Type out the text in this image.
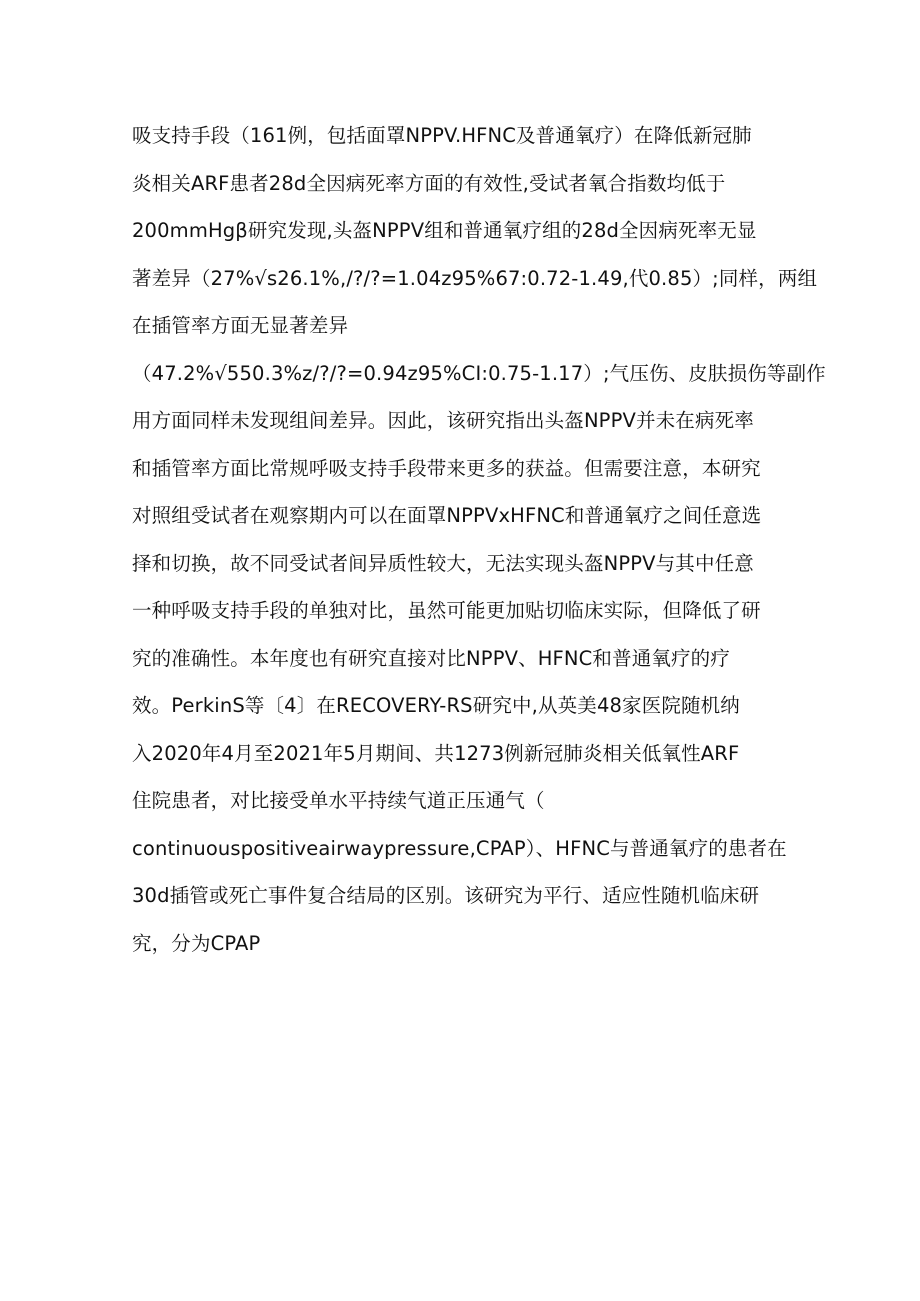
吸支持手段（161例，包括面罩NPPV.HFNC及普通氧疗）在降低新冠肺
炎相关ARF患者28d全因病死率方面的有效性,受试者氧合指数均低于
200mmHgβ研究发现,头盔NPPV组和普通氧疗组的28d全因病死率无显
著差异（27%√s26.1%,/?/?=1.04z95%67:0.72-1.49,代0.85）;同样，两组
在插管率方面无显著差异
（47.2%√550.3%z/?/?=0.94z95%CI:0.75-1.17）;气压伤、皮肤损伤等副作
用方面同样未发现组间差异。因此，该研究指出头盔NPPV并未在病死率
和插管率方面比常规呼吸支持手段带来更多的获益。但需要注意，本研究
对照组受试者在观察期内可以在面罩NPPVxHFNC和普通氧疗之间任意选
择和切换，故不同受试者间异质性较大，无法实现头盔NPPV与其中任意
一种呼吸支持手段的单独对比，虽然可能更加贴切临床实际，但降低了研
究的准确性。本年度也有研究直接对比NPPV、HFNC和普通氧疗的疗
效。PerkinS等〔4〕在RECOVERY-RS研究中,从英美48家医院随机纳
入2020年4月至2021年5月期间、共1273例新冠肺炎相关低氧性ARF
住院患者，对比接受单水平持续气道正压通气（
continuouspositiveairwaypressure,CPAP）、HFNC与普通氧疗的患者在
30d插管或死亡事件复合结局的区别。该研究为平行、适应性随机临床研
究，分为CPAP
